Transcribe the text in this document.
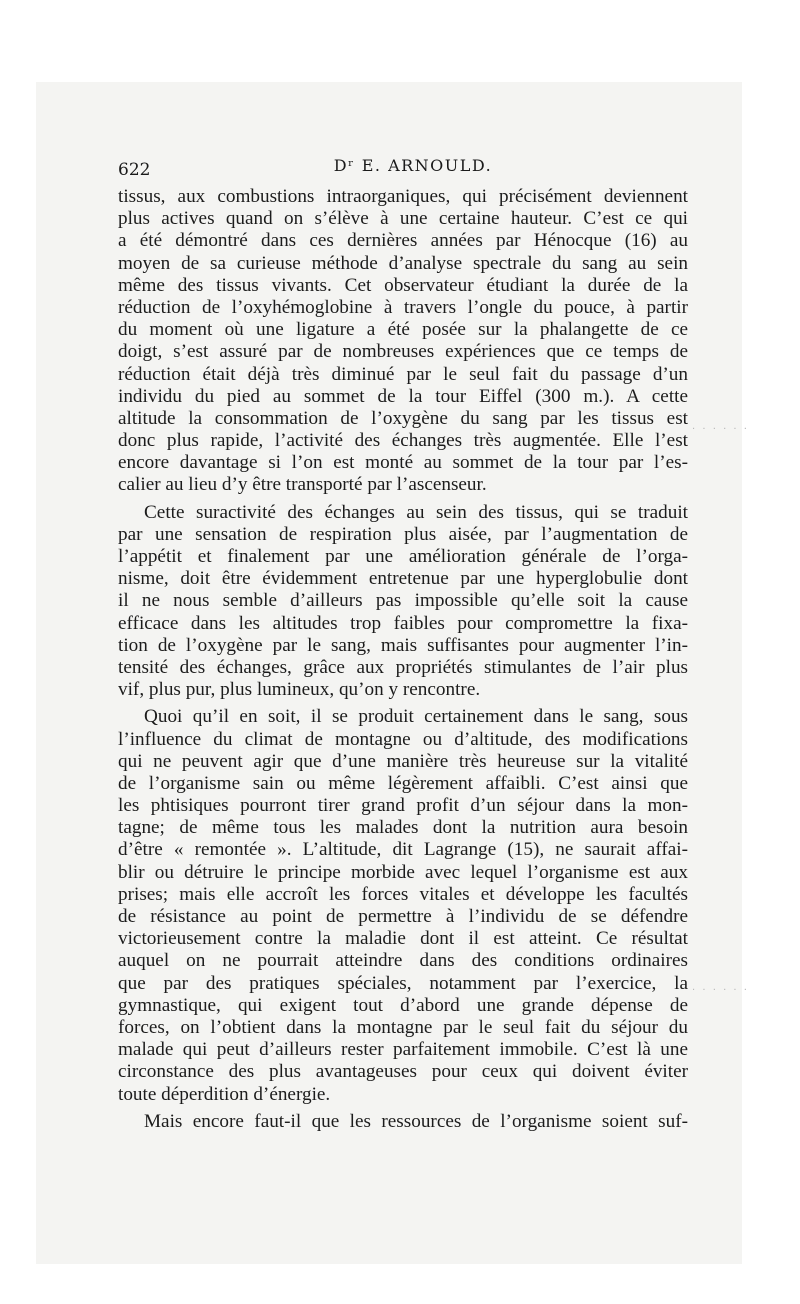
622	Dʳ E. ARNOULD.
tissus, aux combustions intraorganiques, qui précisément deviennent
plus actives quand on s’élève à une certaine hauteur. C’est ce qui
a été démontré dans ces dernières années par Hénocque (16) au
moyen de sa curieuse méthode d’analyse spectrale du sang au sein
même des tissus vivants. Cet observateur étudiant la durée de la
réduction de l’oxyhémoglobine à travers l’ongle du pouce, à partir
du moment où une ligature a été posée sur la phalangette de ce
doigt, s’est assuré par de nombreuses expériences que ce temps de
réduction était déjà très diminué par le seul fait du passage d’un
individu du pied au sommet de la tour Eiffel (300 m.). A cette
altitude la consommation de l’oxygène du sang par les tissus est
donc plus rapide, l’activité des échanges très augmentée. Elle l’est
encore davantage si l’on est monté au sommet de la tour par l’es-
calier au lieu d’y être transporté par l’ascenseur.
Cette suractivité des échanges au sein des tissus, qui se traduit
par une sensation de respiration plus aisée, par l’augmentation de
l’appétit et finalement par une amélioration générale de l’orga-
nisme, doit être évidemment entretenue par une hyperglobulie dont
il ne nous semble d’ailleurs pas impossible qu’elle soit la cause
efficace dans les altitudes trop faibles pour compromettre la fixa-
tion de l’oxygène par le sang, mais suffisantes pour augmenter l’in-
tensité des échanges, grâce aux propriétés stimulantes de l’air plus
vif, plus pur, plus lumineux, qu’on y rencontre.
Quoi qu’il en soit, il se produit certainement dans le sang, sous
l’influence du climat de montagne ou d’altitude, des modifications
qui ne peuvent agir que d’une manière très heureuse sur la vitalité
de l’organisme sain ou même légèrement affaibli. C’est ainsi que
les phtisiques pourront tirer grand profit d’un séjour dans la mon-
tagne; de même tous les malades dont la nutrition aura besoin
d’être « remontée ». L’altitude, dit Lagrange (15), ne saurait affai-
blir ou détruire le principe morbide avec lequel l’organisme est aux
prises; mais elle accroît les forces vitales et développe les facultés
de résistance au point de permettre à l’individu de se défendre
victorieusement contre la maladie dont il est atteint. Ce résultat
auquel on ne pourrait atteindre dans des conditions ordinaires
que par des pratiques spéciales, notamment par l’exercice, la
gymnastique, qui exigent tout d’abord une grande dépense de
forces, on l’obtient dans la montagne par le seul fait du séjour du
malade qui peut d’ailleurs rester parfaitement immobile. C’est là une
circonstance des plus avantageuses pour ceux qui doivent éviter
toute déperdition d’énergie.
Mais encore faut-il que les ressources de l’organisme soient suf-
· · · · · ·
· · · · · ·
